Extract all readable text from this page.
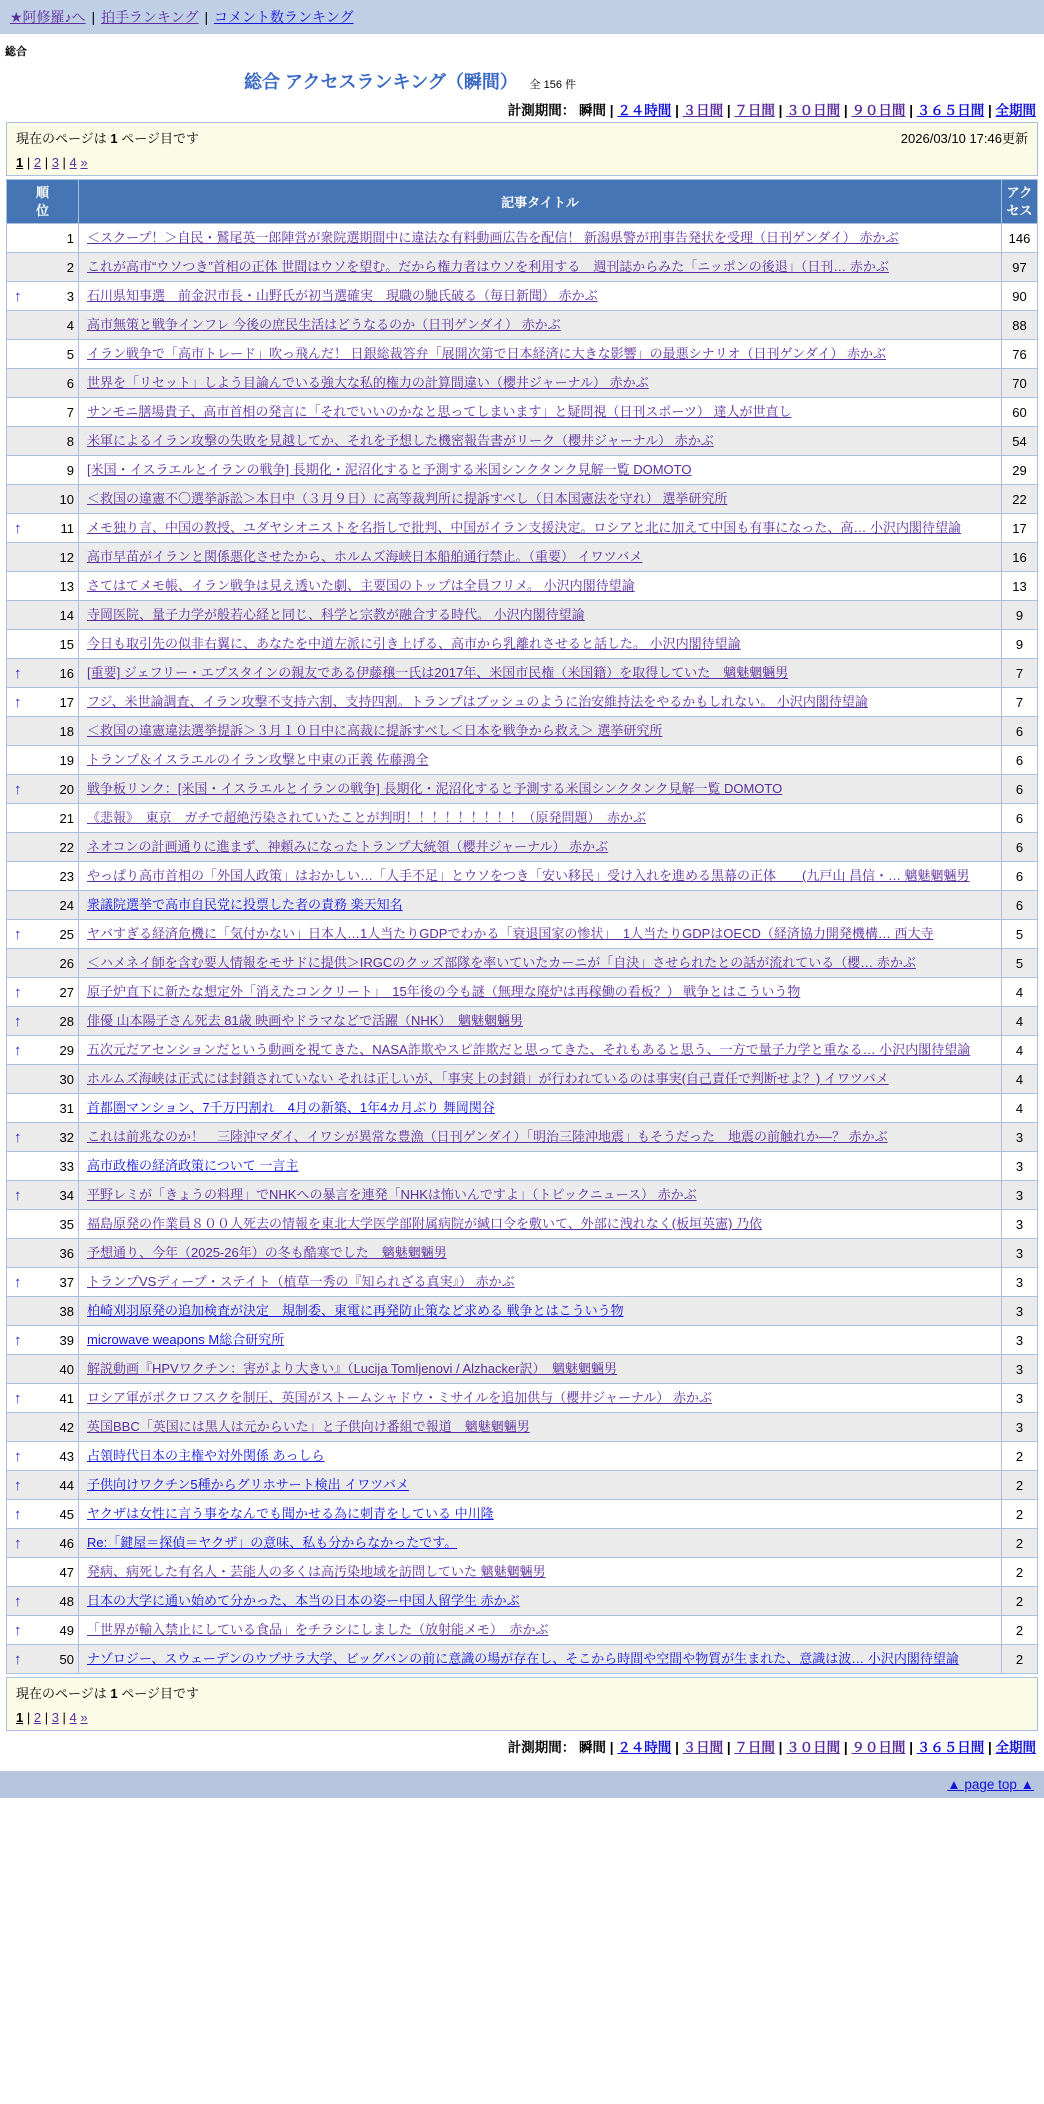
★阿修羅♪へ | 拍手ランキング | コメント数ランキング
総合
総合 アクセスランキング（瞬間） 全 156 件
計測期間： 瞬間 | ２４時間 | ３日間 | ７日間 | ３０日間 | ９０日間 | ３６５日間 | 全期間
現在のページは 1 ページ目です	2026/03/10 17:46更新
1 | 2 | 3 | 4 »
順位	記事タイトル	アクセス

1	＜スクープ！＞自民・鷲尾英一郎陣営が衆院選期間中に違法な有料動画広告を配信！ 新潟県警が刑事告発状を受理（日刊ゲンダイ） 赤かぶ	146

2	これが高市“ウソつき”首相の正体 世間はウソを望む。だから権力者はウソを利用する　週刊誌からみた「ニッポンの後退」（日刊… 赤かぶ	97

↑ 3	石川県知事選　前金沢市長・山野氏が初当選確実　現職の馳氏破る（毎日新聞） 赤かぶ	90

4	高市無策と戦争インフレ 今後の庶民生活はどうなるのか（日刊ゲンダイ） 赤かぶ	88

5	イラン戦争で「高市トレード」吹っ飛んだ！ 日銀総裁答弁「展開次第で日本経済に大きな影響」の最悪シナリオ（日刊ゲンダイ） 赤かぶ	76

6	世界を「リセット」しよう目論んでいる強大な私的権力の計算間違い（櫻井ジャーナル） 赤かぶ	70

7	サンモニ膳場貴子、高市首相の発言に「それでいいのかなと思ってしまいます」と疑問視（日刊スポーツ） 達人が世直し	60

8	米軍によるイラン攻撃の失敗を見越してか、それを予想した機密報告書がリーク（櫻井ジャーナル） 赤かぶ	54

9	[米国・イスラエルとイランの戦争] 長期化・泥沼化すると予測する米国シンクタンク見解一覧 DOMOTO	29

10	＜救国の違憲不〇選挙訴訟＞本日中（３月９日）に高等裁判所に提訴すべし（日本国憲法を守れ） 選挙研究所	22

↑ 11	メモ独り言、中国の教授、ユダヤシオニストを名指しで批判、中国がイラン支援決定。ロシアと北に加えて中国も有事になった、高… 小沢内閣待望論	17

12	高市早苗がイランと関係悪化させたから、ホルムズ海峡日本船舶通行禁止。（重要） イワツバメ	16

13	さてはてメモ帳、イラン戦争は見え透いた劇、主要国のトップは全員フリメ。 小沢内閣待望論	13

14	寺岡医院、量子力学が般若心経と同じ、科学と宗教が融合する時代。 小沢内閣待望論	9

15	今日も取引先の似非右翼に、あなたを中道左派に引き上げる、高市から乳離れさせると話した。 小沢内閣待望論	9

↑ 16	[重要] ジェフリー・エプスタインの親友である伊藤穣一氏は2017年、米国市民権（米国籍）を取得していた　魑魅魍魎男	7

↑ 17	フジ、米世論調査、イラン攻撃不支持六割、支持四割。トランプはブッシュのように治安維持法をやるかもしれない。 小沢内閣待望論	7

18	＜救国の違憲違法選挙提訴＞３月１０日中に高裁に提訴すべし＜日本を戦争から救え＞ 選挙研究所	6

19	トランプ＆イスラエルのイラン攻撃と中東の正義 佐藤鴻全	6

↑ 20	戦争板リンク：[米国・イスラエルとイランの戦争] 長期化・泥沼化すると予測する米国シンクタンク見解一覧 DOMOTO	6

21	《悲報》　東京　ガチで超絶汚染されていたことが判明！！！！！！！！！（原発問題）　赤かぶ	6

22	ネオコンの計画通りに進まず、神頼みになったトランプ大統領（櫻井ジャーナル） 赤かぶ	6

23	やっぱり高市首相の「外国人政策」はおかしい…「人手不足」とウソをつき「安い移民」受け入れを進める黒幕の正体　　(九戸山 昌信・… 魑魅魍魎男	6

24	衆議院選挙で高市自民党に投票した者の責務 楽天知名	6

↑ 25	ヤバすぎる経済危機に「気付かない」日本人…1人当たりGDPでわかる「衰退国家の惨状」　1人当たりGDPはOECD（経済協力開発機構… 西大寺	5

26	＜ハメネイ師を含む要人情報をモサドに提供＞IRGCのクッズ部隊を率いていたカーニが「自決」させられたとの話が流れている（櫻… 赤かぶ	5

↑ 27	原子炉直下に新たな想定外「消えたコンクリート」　15年後の今も謎（無理な廃炉は再稼働の看板？） 戦争とはこういう物	4

↑ 28	俳優 山本陽子さん死去 81歳 映画やドラマなどで活躍（NHK）　魑魅魍魎男	4

↑ 29	五次元だアセンションだという動画を視てきた、NASA詐欺やスピ詐欺だと思ってきた、それもあると思う、一方で量子力学と重なる… 小沢内閣待望論	4

30	ホルムズ海峡は正式には封鎖されていない それは正しいが、「事実上の封鎖」が行われているのは事実(自己責任で判断せよ？) イワツバメ	4

31	首都圏マンション、7千万円割れ　4月の新築、1年4カ月ぶり 舞岡関谷	4

↑ 32	これは前兆なのか！　三陸沖マダイ、イワシが異常な豊漁（日刊ゲンダイ）「明治三陸沖地震」もそうだった　地震の前触れか―？ 赤かぶ	3

33	高市政権の経済政策について 一言主	3

↑ 34	平野レミが「きょうの料理」でNHKへの暴言を連発「NHKは怖いんですよ」（トピックニュース） 赤かぶ	3

35	福島原発の作業員８００人死去の情報を東北大学医学部附属病院が緘口令を敷いて、外部に洩れなく(板垣英憲) 乃依	3

36	予想通り、今年（2025-26年）の冬も酷寒でした　魑魅魍魎男	3

↑ 37	トランプVSディープ・ステイト（植草一秀の『知られざる真実』） 赤かぶ	3

38	柏崎刈羽原発の追加検査が決定　規制委、東電に再発防止策など求める 戦争とはこういう物	3

↑ 39	microwave weapons M総合研究所	3

40	解説動画『HPVワクチン：害がより大きい』（Lucija Tomljenovi / Alzhacker訳）　魑魅魍魎男	3

↑ 41	ロシア軍がポクロフスクを制圧、英国がストームシャドウ・ミサイルを追加供与（櫻井ジャーナル） 赤かぶ	3

42	英国BBC「英国には黒人は元からいた」と子供向け番組で報道　魑魅魍魎男	3

↑ 43	占領時代日本の主権や対外関係 あっしら	2

↑ 44	子供向けワクチン5種からグリホサート検出 イワツバメ	2

↑ 45	ヤクザは女性に言う事をなんでも聞かせる為に刺青をしている 中川隆	2

↑ 46	Re:「鍵屋＝探偵＝ヤクザ」の意味、私も分からなかったです。	2

47	発病、病死した有名人・芸能人の多くは高汚染地域を訪問していた 魑魅魍魎男	2

↑ 48	日本の大学に通い始めて分かった、本当の日本の姿ー中国人留学生 赤かぶ	2

↑ 49	「世界が輸入禁止にしている食品」をチラシにしました（放射能メモ）　赤かぶ	2

↑ 50	ナゾロジー、スウェーデンのウプサラ大学、ビッグバンの前に意識の場が存在し、そこから時間や空間や物質が生まれた、意識は波… 小沢内閣待望論	2
現在のページは 1 ページ目です
1 | 2 | 3 | 4 »
計測期間： 瞬間 | ２４時間 | ３日間 | ７日間 | ３０日間 | ９０日間 | ３６５日間 | 全期間
▲ page top ▲
